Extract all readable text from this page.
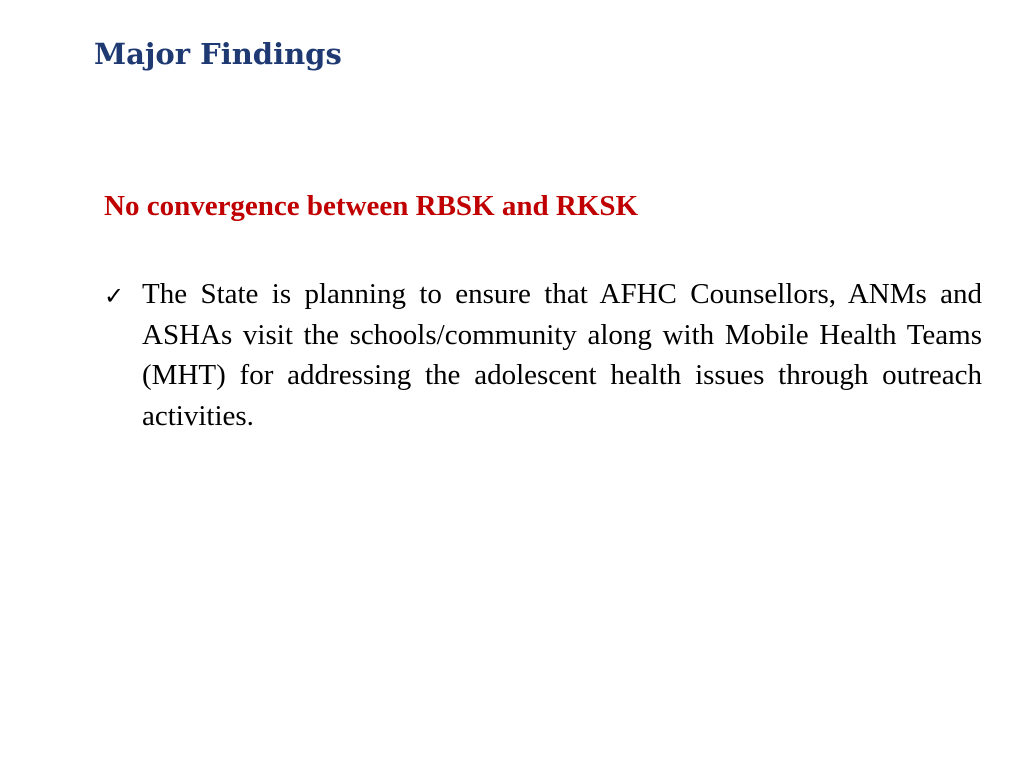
Major Findings
No convergence between RBSK and RKSK
✓ The State is planning to ensure that AFHC Counsellors, ANMs and ASHAs visit the schools/community along with Mobile Health Teams (MHT) for addressing the adolescent health issues through outreach activities.
